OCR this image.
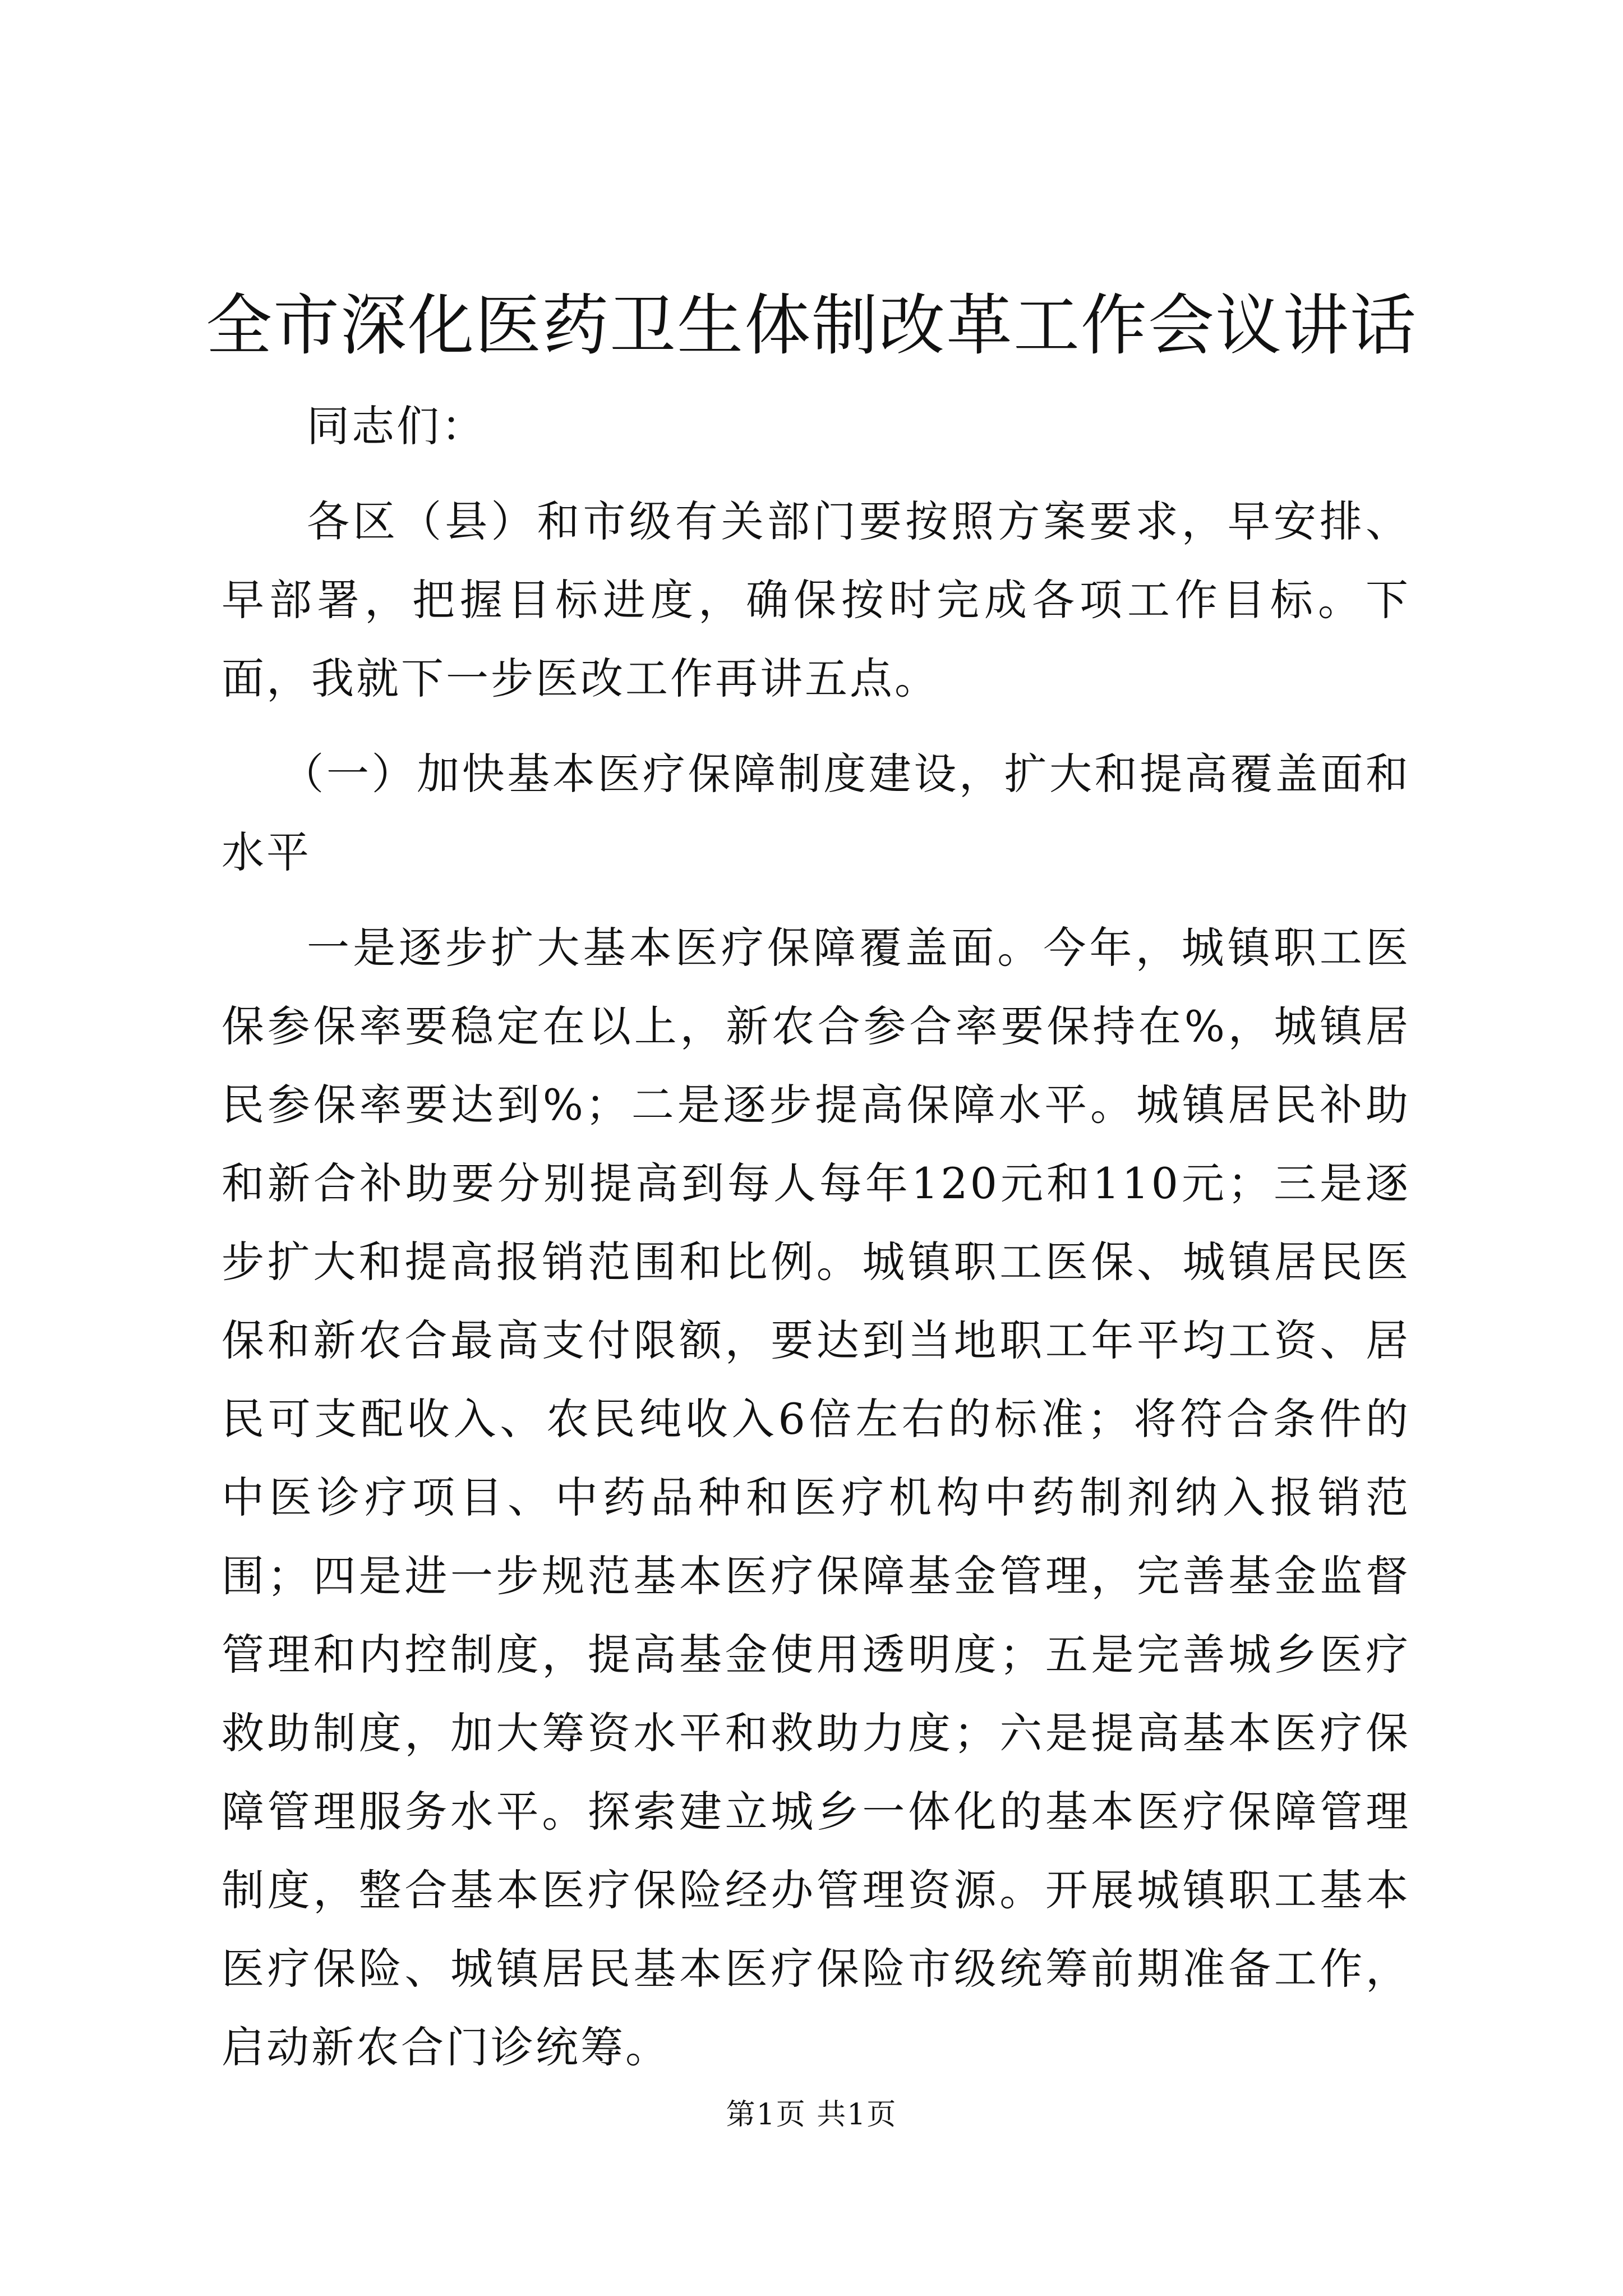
全市深化医药卫生体制改革工作会议讲话

同志们：

各区（县）和市级有关部门要按照方案要求，早安排、早部署，把握目标进度，确保按时完成各项工作目标。下面，我就下一步医改工作再讲五点。

（一）加快基本医疗保障制度建设，扩大和提高覆盖面和水平

一是逐步扩大基本医疗保障覆盖面。今年，城镇职工医保参保率要稳定在以上，新农合参合率要保持在%，城镇居民参保率要达到%；二是逐步提高保障水平。城镇居民补助和新合补助要分别提高到每人每年120元和110元；三是逐步扩大和提高报销范围和比例。城镇职工医保、城镇居民医保和新农合最高支付限额，要达到当地职工年平均工资、居民可支配收入、农民纯收入6倍左右的标准；将符合条件的中医诊疗项目、中药品种和医疗机构中药制剂纳入报销范围；四是进一步规范基本医疗保障基金管理，完善基金监督管理和内控制度，提高基金使用透明度；五是完善城乡医疗救助制度，加大筹资水平和救助力度；六是提高基本医疗保障管理服务水平。探索建立城乡一体化的基本医疗保障管理制度，整合基本医疗保险经办管理资源。开展城镇职工基本医疗保险、城镇居民基本医疗保险市级统筹前期准备工作，启动新农合门诊统筹。

第1页 共1页
